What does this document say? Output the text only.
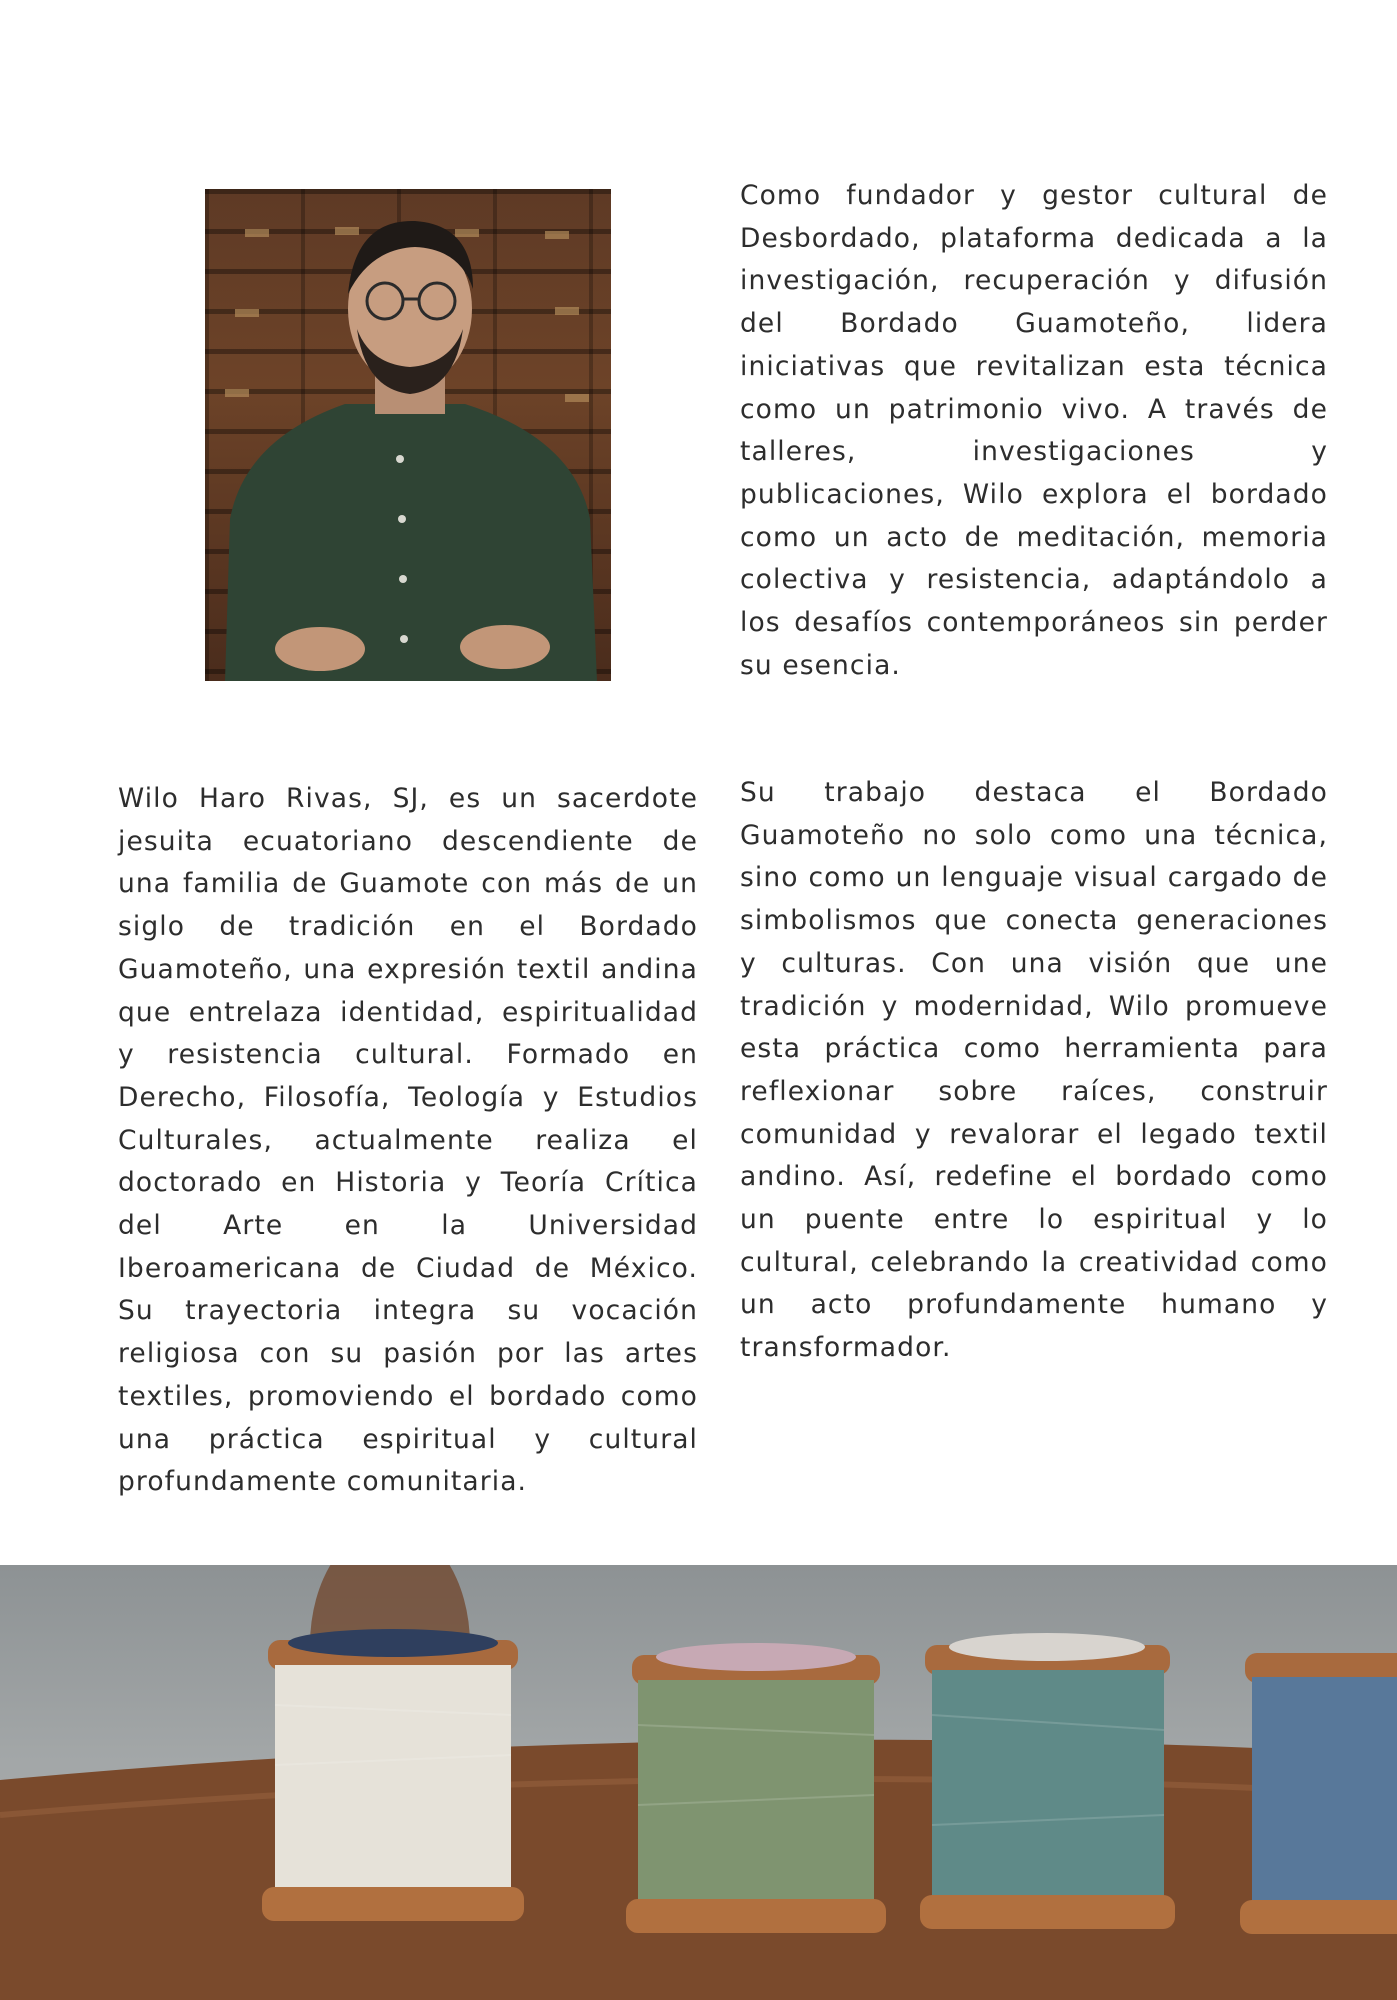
Como fundador y gestor cultural de Desbordado, plataforma dedicada a la investigación, recuperación y difusión del Bordado Guamoteño, lidera iniciativas que revitalizan esta técnica como un patrimonio vivo. A través de talleres, investigaciones y publicaciones, Wilo explora el bordado como un acto de meditación, memoria colectiva y resistencia, adaptándolo a los desafíos contemporáneos sin perder su esencia.

Wilo Haro Rivas, SJ, es un sacerdote jesuita ecuatoriano descendiente de una familia de Guamote con más de un siglo de tradición en el Bordado Guamoteño, una expresión textil andina que entrelaza identidad, espiritualidad y resistencia cultural. Formado en Derecho, Filosofía, Teología y Estudios Culturales, actualmente realiza el doctorado en Historia y Teoría Crítica del Arte en la Universidad Iberoamericana de Ciudad de México. Su trayectoria integra su vocación religiosa con su pasión por las artes textiles, promoviendo el bordado como una práctica espiritual y cultural profundamente comunitaria.

Su trabajo destaca el Bordado Guamoteño no solo como una técnica, sino como un lenguaje visual cargado de simbolismos que conecta generaciones y culturas. Con una visión que une tradición y modernidad, Wilo promueve esta práctica como herramienta para reflexionar sobre raíces, construir comunidad y revalorar el legado textil andino. Así, redefine el bordado como un puente entre lo espiritual y lo cultural, celebrando la creatividad como un acto profundamente humano y transformador.
